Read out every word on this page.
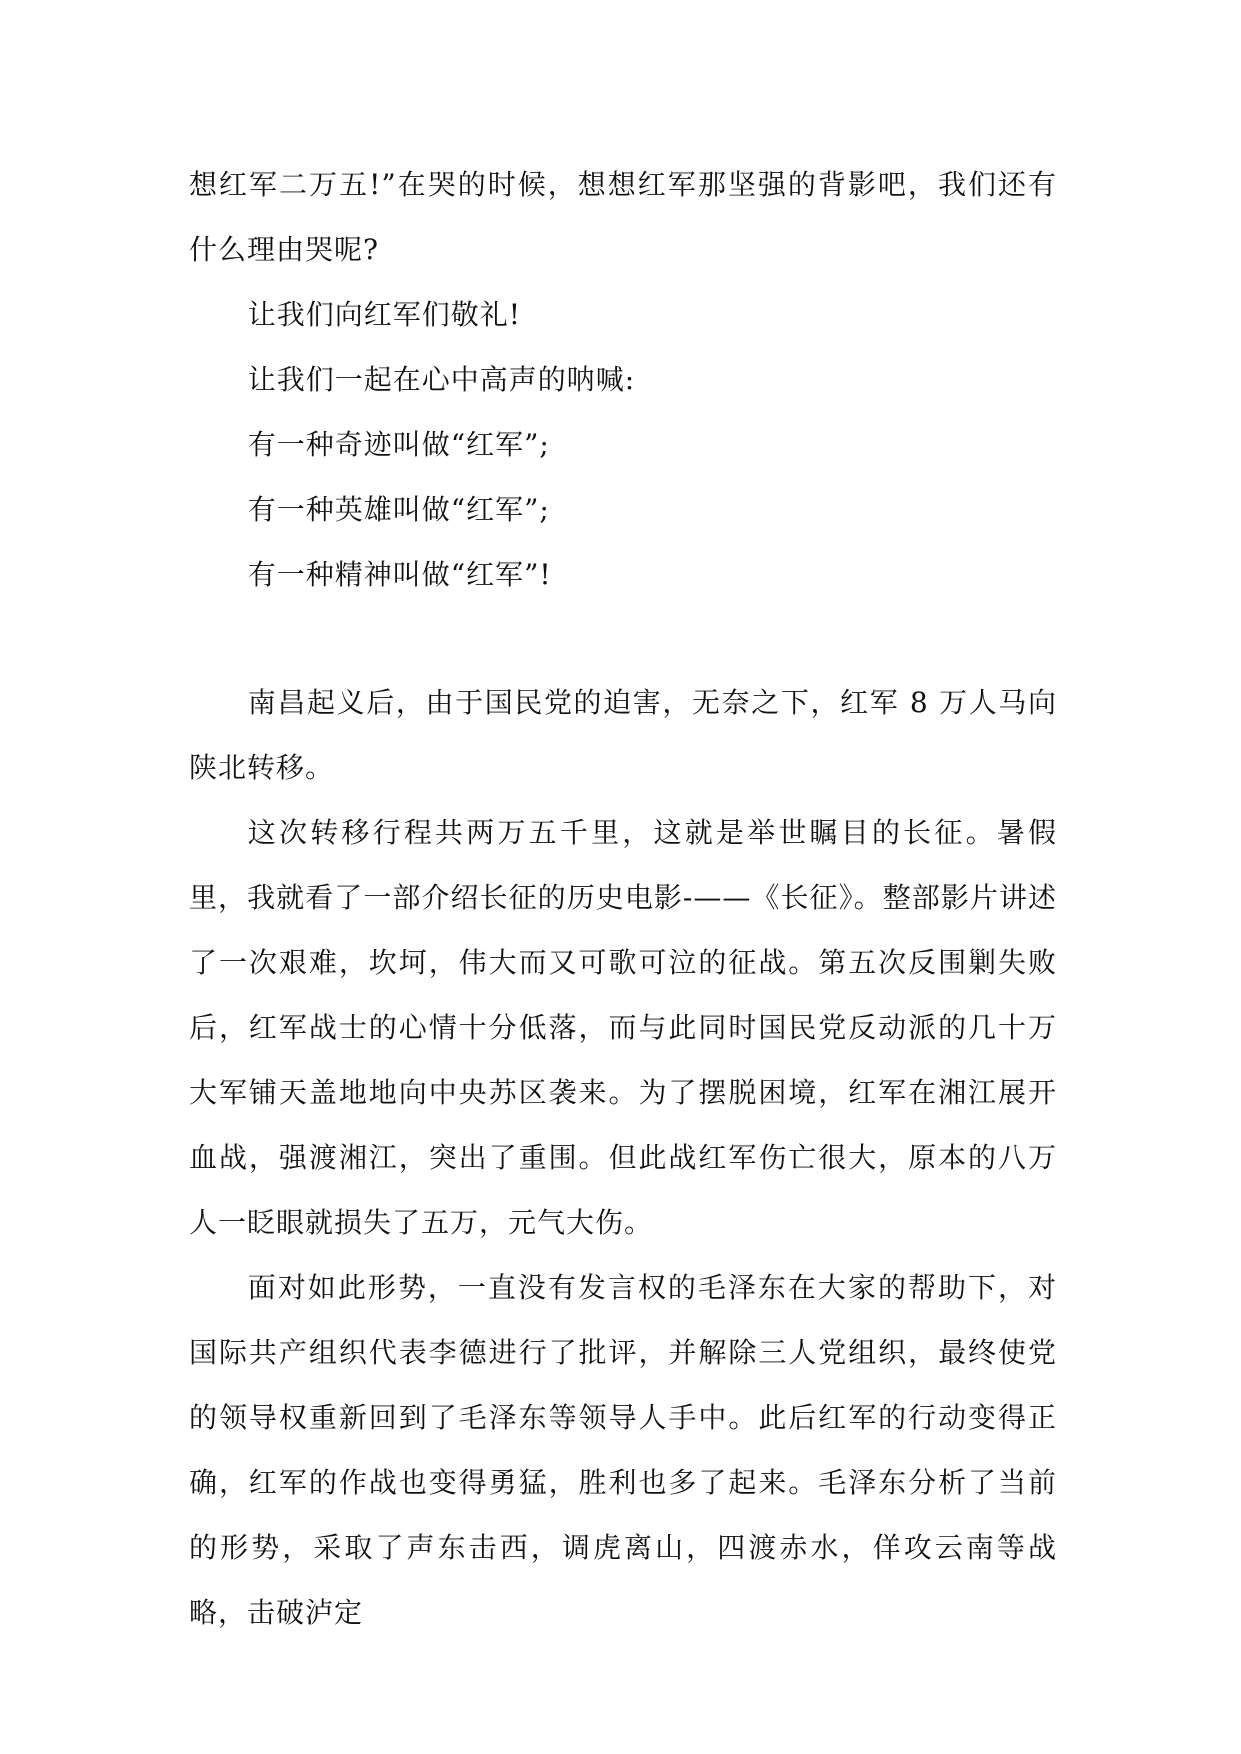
想红军二万五!”在哭的时候，想想红军那坚强的背影吧，我们还有什么理由哭呢?

让我们向红军们敬礼!

让我们一起在心中高声的呐喊:

有一种奇迹叫做“红军”;

有一种英雄叫做“红军”;

有一种精神叫做“红军”!

南昌起义后，由于国民党的迫害，无奈之下，红军 8 万人马向陕北转移。

这次转移行程共两万五千里，这就是举世瞩目的长征。暑假里，我就看了一部介绍长征的历史电影-——《长征》。整部影片讲述了一次艰难，坎坷，伟大而又可歌可泣的征战。第五次反围剿失败后，红军战士的心情十分低落，而与此同时国民党反动派的几十万大军铺天盖地地向中央苏区袭来。为了摆脱困境，红军在湘江展开血战，强渡湘江，突出了重围。但此战红军伤亡很大，原本的八万人一眨眼就损失了五万，元气大伤。

面对如此形势，一直没有发言权的毛泽东在大家的帮助下，对国际共产组织代表李德进行了批评，并解除三人党组织，最终使党的领导权重新回到了毛泽东等领导人手中。此后红军的行动变得正确，红军的作战也变得勇猛，胜利也多了起来。毛泽东分析了当前的形势，采取了声东击西，调虎离山，四渡赤水，佯攻云南等战略，击破泸定
